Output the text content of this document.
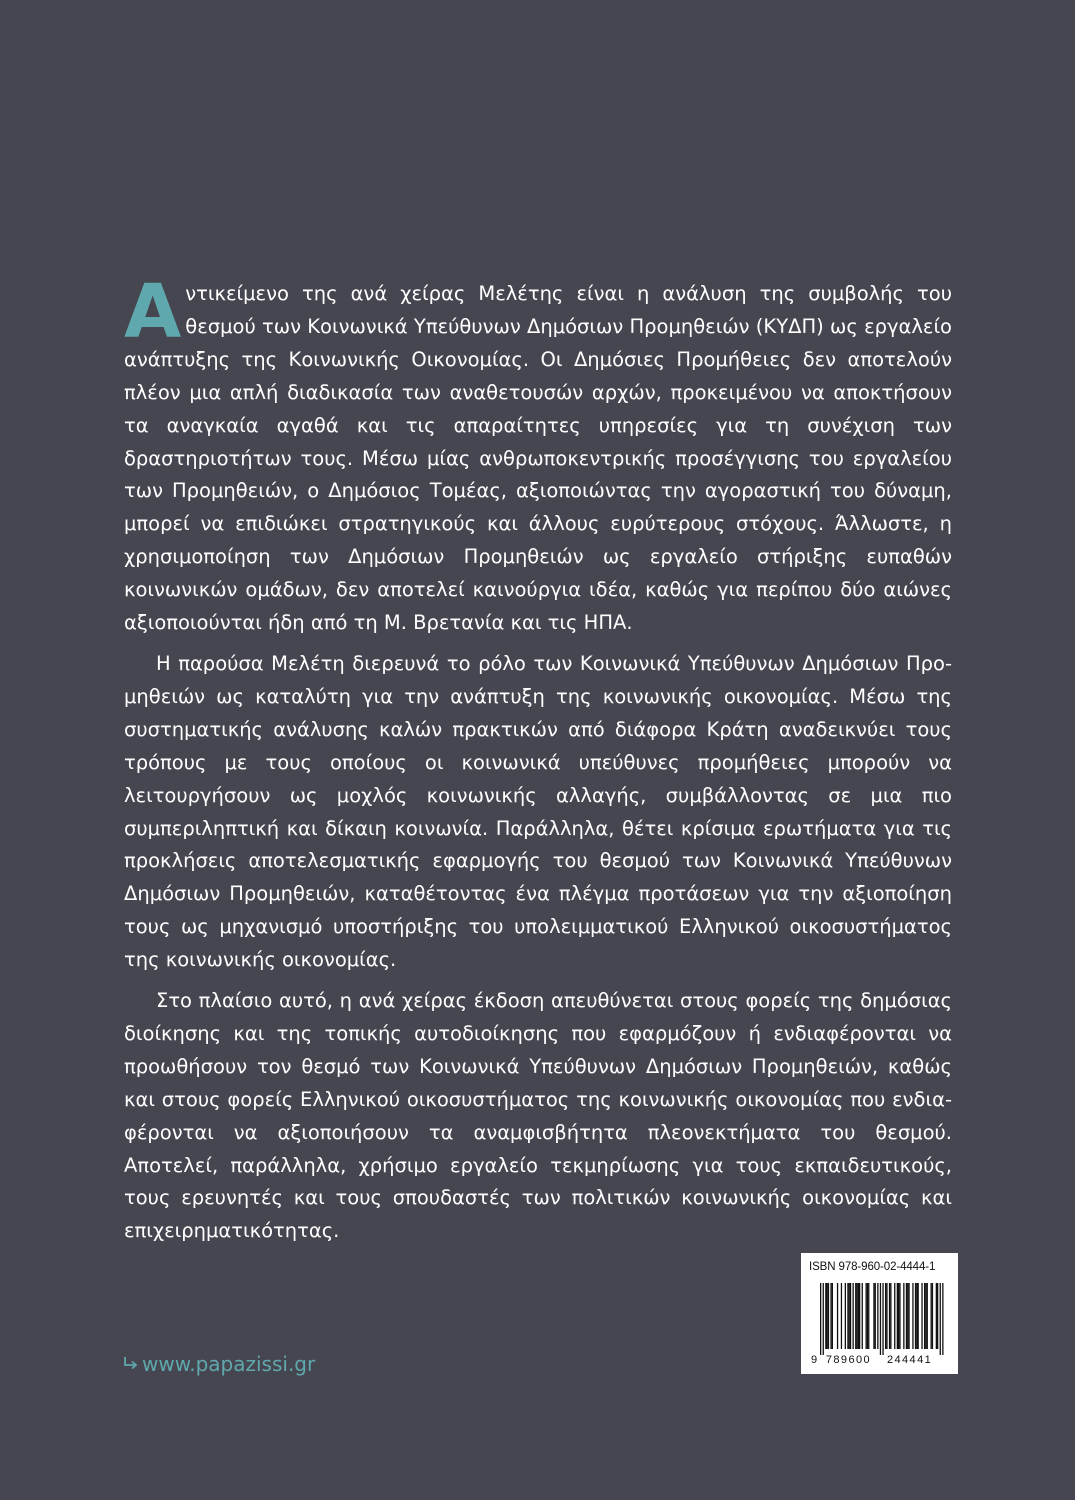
Αντικείμενο της ανά χείρας Μελέτης είναι η ανάλυση της συμβολής του θεσμού των Κοινωνικά Υπεύθυνων Δημόσιων Προμηθειών (ΚΥΔΠ) ως εργαλείο ανάπτυξης της Κοινωνικής Οικονομίας. Οι Δημόσιες Προμήθειες δεν αποτελούν πλέον μια απλή διαδικασία των αναθετουσών αρχών, προκειμένου να αποκτήσουν τα αναγκαία αγαθά και τις απαραίτητες υπηρεσίες για τη συνέχιση των δραστηριοτήτων τους. Μέσω μίας ανθρωποκεντρικής προσέγγισης του εργαλείου των Προμηθειών, ο Δημόσιος Τομέας, αξιοποιώντας την αγοραστική του δύναμη, μπορεί να επιδιώκει στρατηγικούς και άλλους ευρύτερους στόχους. Άλλωστε, η χρησιμοποίηση των Δημόσιων Προμηθειών ως εργαλείο στήριξης ευπαθών κοινωνικών ομάδων, δεν αποτελεί καινούργια ιδέα, καθώς για περίπου δύο αιώνες αξιοποιούνται ήδη από τη Μ. Βρετανία και τις ΗΠΑ.

Η παρούσα Μελέτη διερευνά το ρόλο των Κοινωνικά Υπεύθυνων Δημόσιων Προμηθειών ως καταλύτη για την ανάπτυξη της κοινωνικής οικονομίας. Μέσω της συστηματικής ανάλυσης καλών πρακτικών από διάφορα Κράτη αναδεικνύει τους τρόπους με τους οποίους οι κοινωνικά υπεύθυνες προμήθειες μπορούν να λειτουργήσουν ως μοχλός κοινωνικής αλλαγής, συμβάλλοντας σε μια πιο συμπεριληπτική και δίκαιη κοινωνία. Παράλληλα, θέτει κρίσιμα ερωτήματα για τις προκλήσεις αποτελεσματικής εφαρμογής του θεσμού των Κοινωνικά Υπεύθυνων Δημόσιων Προμηθειών, καταθέτοντας ένα πλέγμα προτάσεων για την αξιοποίηση τους ως μηχανισμό υποστήριξης του υπολειμματικού Ελληνικού οικοσυστήματος της κοινωνικής οικονομίας.

Στο πλαίσιο αυτό, η ανά χείρας έκδοση απευθύνεται στους φορείς της δημόσιας διοίκησης και της τοπικής αυτοδιοίκησης που εφαρμόζουν ή ενδιαφέρονται να προωθήσουν τον θεσμό των Κοινωνικά Υπεύθυνων Δημόσιων Προμηθειών, καθώς και στους φορείς Ελληνικού οικοσυστήματος της κοινωνικής οικονομίας που ενδιαφέρονται να αξιοποιήσουν τα αναμφισβήτητα πλεονεκτήματα του θεσμού. Αποτελεί, παράλληλα, χρήσιμο εργαλείο τεκμηρίωσης για τους εκπαιδευτικούς, τους ερευνητές και τους σπουδαστές των πολιτικών κοινωνικής οικονομίας και επιχειρηματικότητας.

www.papazissi.gr
ISBN 978-960-02-4444-1
9 789600 244441
